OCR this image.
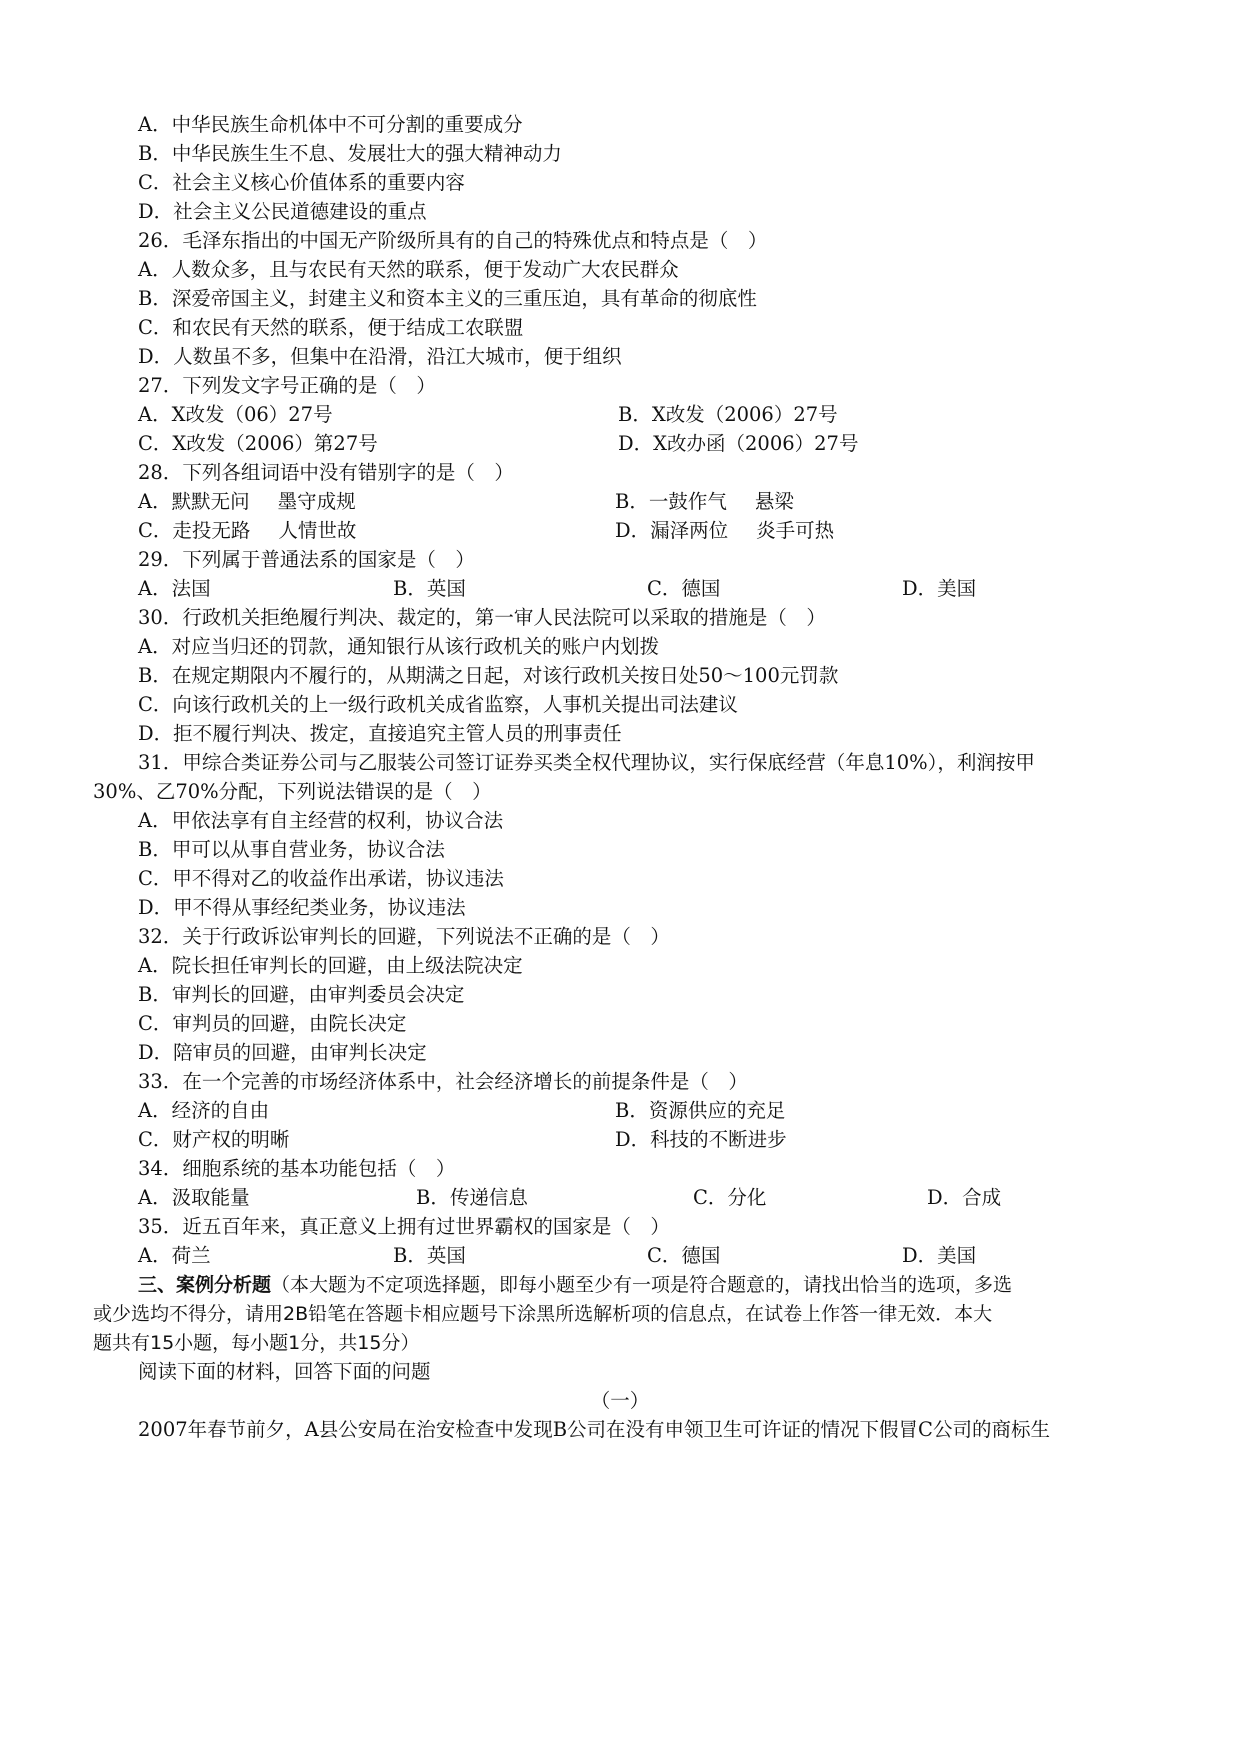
A．中华民族生命机体中不可分割的重要成分
B．中华民族生生不息、发展壮大的强大精神动力
C．社会主义核心价值体系的重要内容
D．社会主义公民道德建设的重点
26．毛泽东指出的中国无产阶级所具有的自己的特殊优点和特点是（　）
A．人数众多，且与农民有天然的联系，便于发动广大农民群众
B．深爱帝国主义，封建主义和资本主义的三重压迫，具有革命的彻底性
C．和农民有天然的联系，便于结成工农联盟
D．人数虽不多，但集中在沿滑，沿江大城市，便于组织
27．下列发文字号正确的是（　）
A．X改发（06）27号	B．X改发（2006）27号
C．X改发（2006）第27号	D．X改办函（2006）27号
28．下列各组词语中没有错别字的是（　）
A．默默无问 墨守成规	B．一鼓作气 悬梁
C．走投无路 人情世故	D．漏泽两位 炎手可热
29．下列属于普通法系的国家是（　）
A．法国	B．英国	C．德国	D．美国
30．行政机关拒绝履行判决、裁定的，第一审人民法院可以采取的措施是（　）
A．对应当归还的罚款，通知银行从该行政机关的账户内划拨
B．在规定期限内不履行的，从期满之日起，对该行政机关按日处50～100元罚款
C．向该行政机关的上一级行政机关成省监察，人事机关提出司法建议
D．拒不履行判决、拨定，直接追究主管人员的刑事责任
31．甲综合类证券公司与乙服装公司签订证券买类全权代理协议，实行保底经营（年息10%），利润按甲
30%、乙70%分配，下列说法错误的是（　）
A．甲依法享有自主经营的权利，协议合法
B．甲可以从事自营业务，协议合法
C．甲不得对乙的收益作出承诺，协议违法
D．甲不得从事经纪类业务，协议违法
32．关于行政诉讼审判长的回避，下列说法不正确的是（　）
A．院长担任审判长的回避，由上级法院决定
B．审判长的回避，由审判委员会决定
C．审判员的回避，由院长决定
D．陪审员的回避，由审判长决定
33．在一个完善的市场经济体系中，社会经济增长的前提条件是（　）
A．经济的自由	B．资源供应的充足
C．财产权的明晰	D．科技的不断进步
34．细胞系统的基本功能包括（　）
A．汲取能量	B．传递信息	C．分化	D．合成
35．近五百年来，真正意义上拥有过世界霸权的国家是（　）
A．荷兰	B．英国	C．德国	D．美国
三、案例分析题（本大题为不定项选择题，即每小题至少有一项是符合题意的，请找出恰当的选项，多选
或少选均不得分，请用2B铅笔在答题卡相应题号下涂黑所选解析项的信息点，在试卷上作答一律无效．本大
题共有15小题，每小题1分，共15分）
阅读下面的材料，回答下面的问题
（一）
2007年春节前夕，A县公安局在治安检查中发现B公司在没有申领卫生可许证的情况下假冒C公司的商标生
